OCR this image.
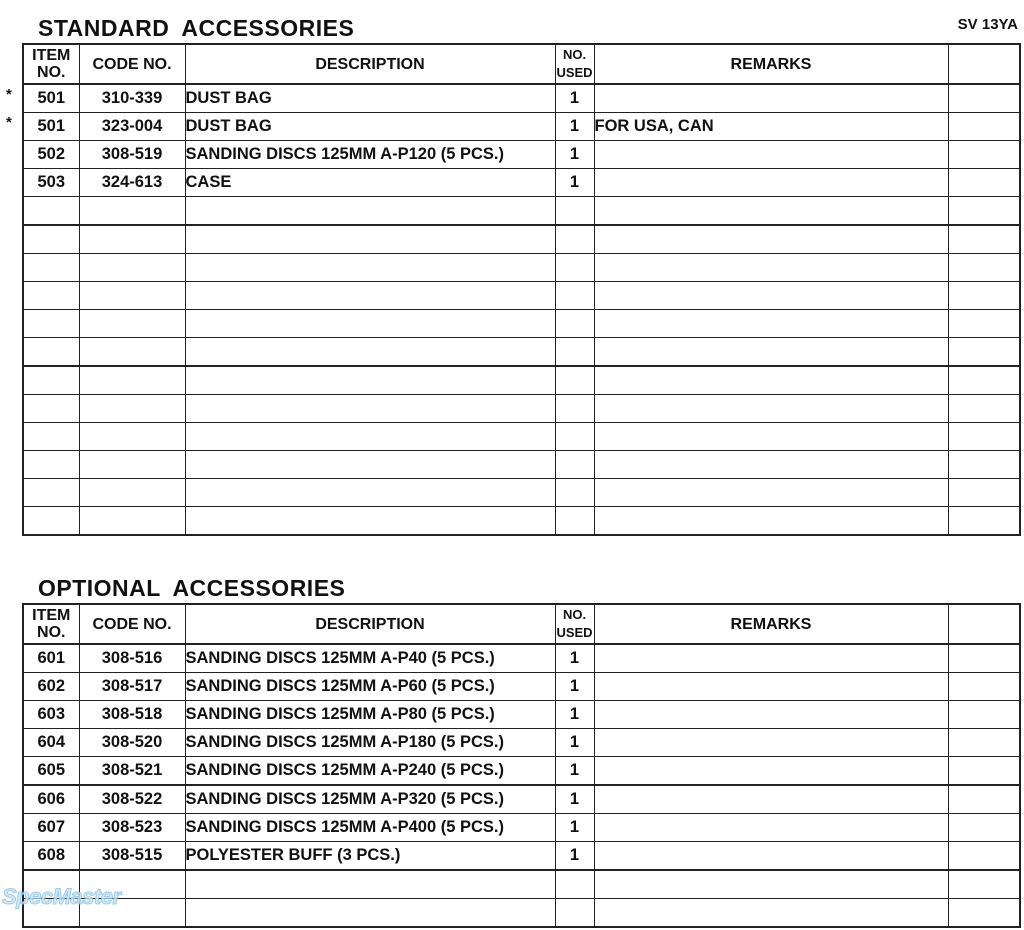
STANDARD ACCESSORIES	SV 13YA
ITEM NO.	CODE NO.	DESCRIPTION	NO. USED	REMARKS	
501	310-339	DUST BAG	1		
501	323-004	DUST BAG	1	FOR USA, CAN	
502	308-519	SANDING DISCS 125MM A-P120 (5 PCS.)	1		
503	324-613	CASE	1		

OPTIONAL ACCESSORIES
ITEM NO.	CODE NO.	DESCRIPTION	NO. USED	REMARKS	
601	308-516	SANDING DISCS 125MM A-P40 (5 PCS.)	1		
602	308-517	SANDING DISCS 125MM A-P60 (5 PCS.)	1		
603	308-518	SANDING DISCS 125MM A-P80 (5 PCS.)	1		
604	308-520	SANDING DISCS 125MM A-P180 (5 PCS.)	1		
605	308-521	SANDING DISCS 125MM A-P240 (5 PCS.)	1		
606	308-522	SANDING DISCS 125MM A-P320 (5 PCS.)	1		
607	308-523	SANDING DISCS 125MM A-P400 (5 PCS.)	1		
608	308-515	POLYESTER BUFF (3 PCS.)	1		

*
*
SpecMaster
